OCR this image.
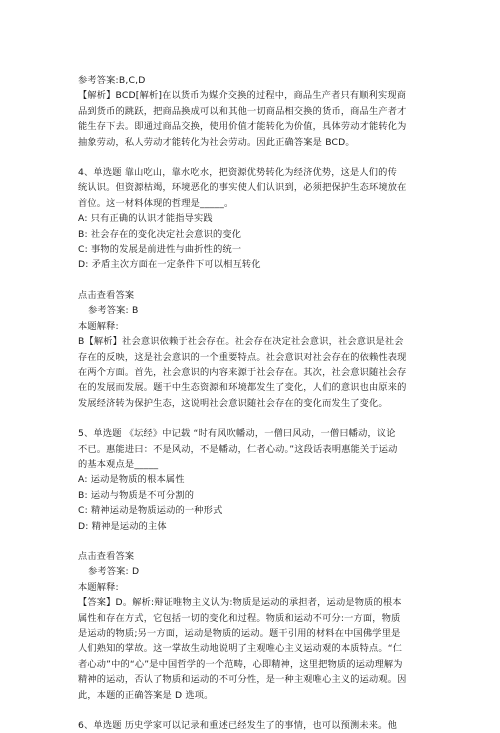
参考答案:B,C,D
【解析】BCD[解析]在以货币为媒介交换的过程中，商品生产者只有顺利实现商
品到货币的跳跃，把商品换成可以和其他一切商品相交换的货币，商品生产者才
能生存下去。即通过商品交换，使用价值才能转化为价值，具体劳动才能转化为
抽象劳动，私人劳动才能转化为社会劳动。因此正确答案是 BCD。
4、单选题 靠山吃山，靠水吃水，把资源优势转化为经济优势，这是人们的传
统认识。但资源枯竭，环境恶化的事实使人们认识到，必须把保护生态环境放在
首位。这一材料体现的哲理是_____。
A: 只有正确的认识才能指导实践
B: 社会存在的变化决定社会意识的变化
C: 事物的发展是前进性与曲折性的统一
D: 矛盾主次方面在一定条件下可以相互转化
点击查看答案
参考答案: B
本题解释:
B【解析】社会意识依赖于社会存在。社会存在决定社会意识，社会意识是社会
存在的反映，这是社会意识的一个重要特点。社会意识对社会存在的依赖性表现
在两个方面。首先，社会意识的内容来源于社会存在。其次，社会意识随社会存
在的发展而发展。题干中生态资源和环境都发生了变化，人们的意识也由原来的
发展经济转为保护生态，这说明社会意识随社会存在的变化而发生了变化。
5、单选题 《坛经》中记载 “时有风吹幡动，一僧曰风动，一僧曰幡动，议论
不已。惠能进曰：不是风动，不是幡动，仁者心动。”这段话表明惠能关于运动
的基本观点是_____
A: 运动是物质的根本属性
B: 运动与物质是不可分割的
C: 精神运动是物质运动的一种形式
D: 精神是运动的主体
点击查看答案
参考答案: D
本题解释:
【答案】D。解析:辩证唯物主义认为:物质是运动的承担者，运动是物质的根本
属性和存在方式，它包括一切的变化和过程。物质和运动不可分:一方面，物质
是运动的物质;另一方面，运动是物质的运动。题干引用的材料在中国佛学里是
人们熟知的掌故。这一掌故生动地说明了主观唯心主义运动观的本质特点。“仁
者心动”中的“心”是中国哲学的一个范畴，心即精神，这里把物质的运动理解为
精神的运动，否认了物质和运动的不可分性，是一种主观唯心主义的运动观。因
此，本题的正确答案是 D 选项。
6、单选题 历史学家可以记录和重述已经发生了的事情，也可以预测未来。他
